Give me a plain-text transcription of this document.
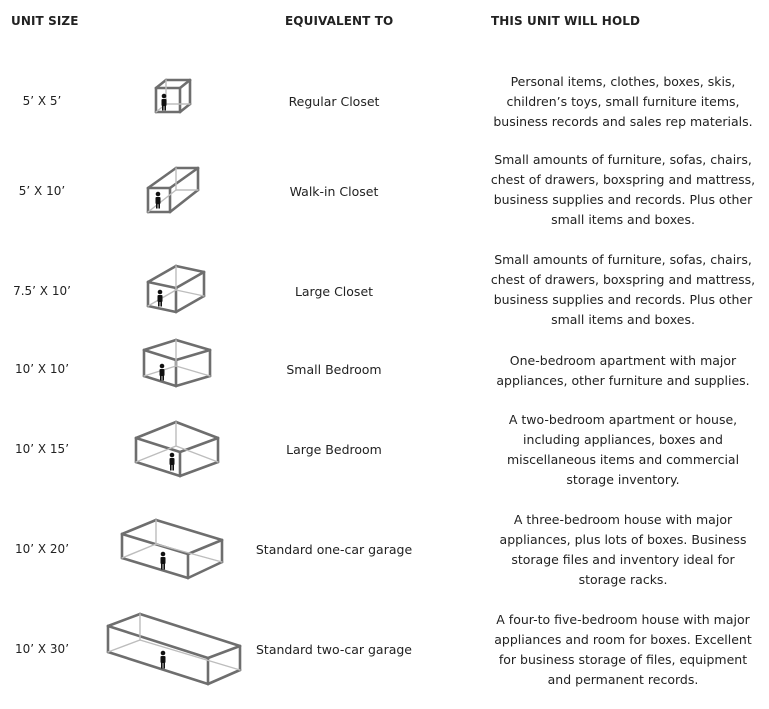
UNIT SIZE	EQUIVALENT TO	THIS UNIT WILL HOLD
5’ X 5’	Regular Closet
Personal items, clothes, boxes, skis,
children’s toys, small furniture items,
business records and sales rep materials.
5’ X 10’	Walk-in Closet
Small amounts of furniture, sofas, chairs,
chest of drawers, boxspring and mattress,
business supplies and records. Plus other
small items and boxes.
7.5’ X 10’	Large Closet
Small amounts of furniture, sofas, chairs,
chest of drawers, boxspring and mattress,
business supplies and records. Plus other
small items and boxes.
10’ X 10’	Small Bedroom
One-bedroom apartment with major
appliances, other furniture and supplies.
10’ X 15’	Large Bedroom
A two-bedroom apartment or house,
including appliances, boxes and
miscellaneous items and commercial
storage inventory.
10’ X 20’	Standard one-car garage
A three-bedroom house with major
appliances, plus lots of boxes. Business
storage files and inventory ideal for
storage racks.
10’ X 30’	Standard two-car garage
A four-to five-bedroom house with major
appliances and room for boxes. Excellent
for business storage of files, equipment
and permanent records.
